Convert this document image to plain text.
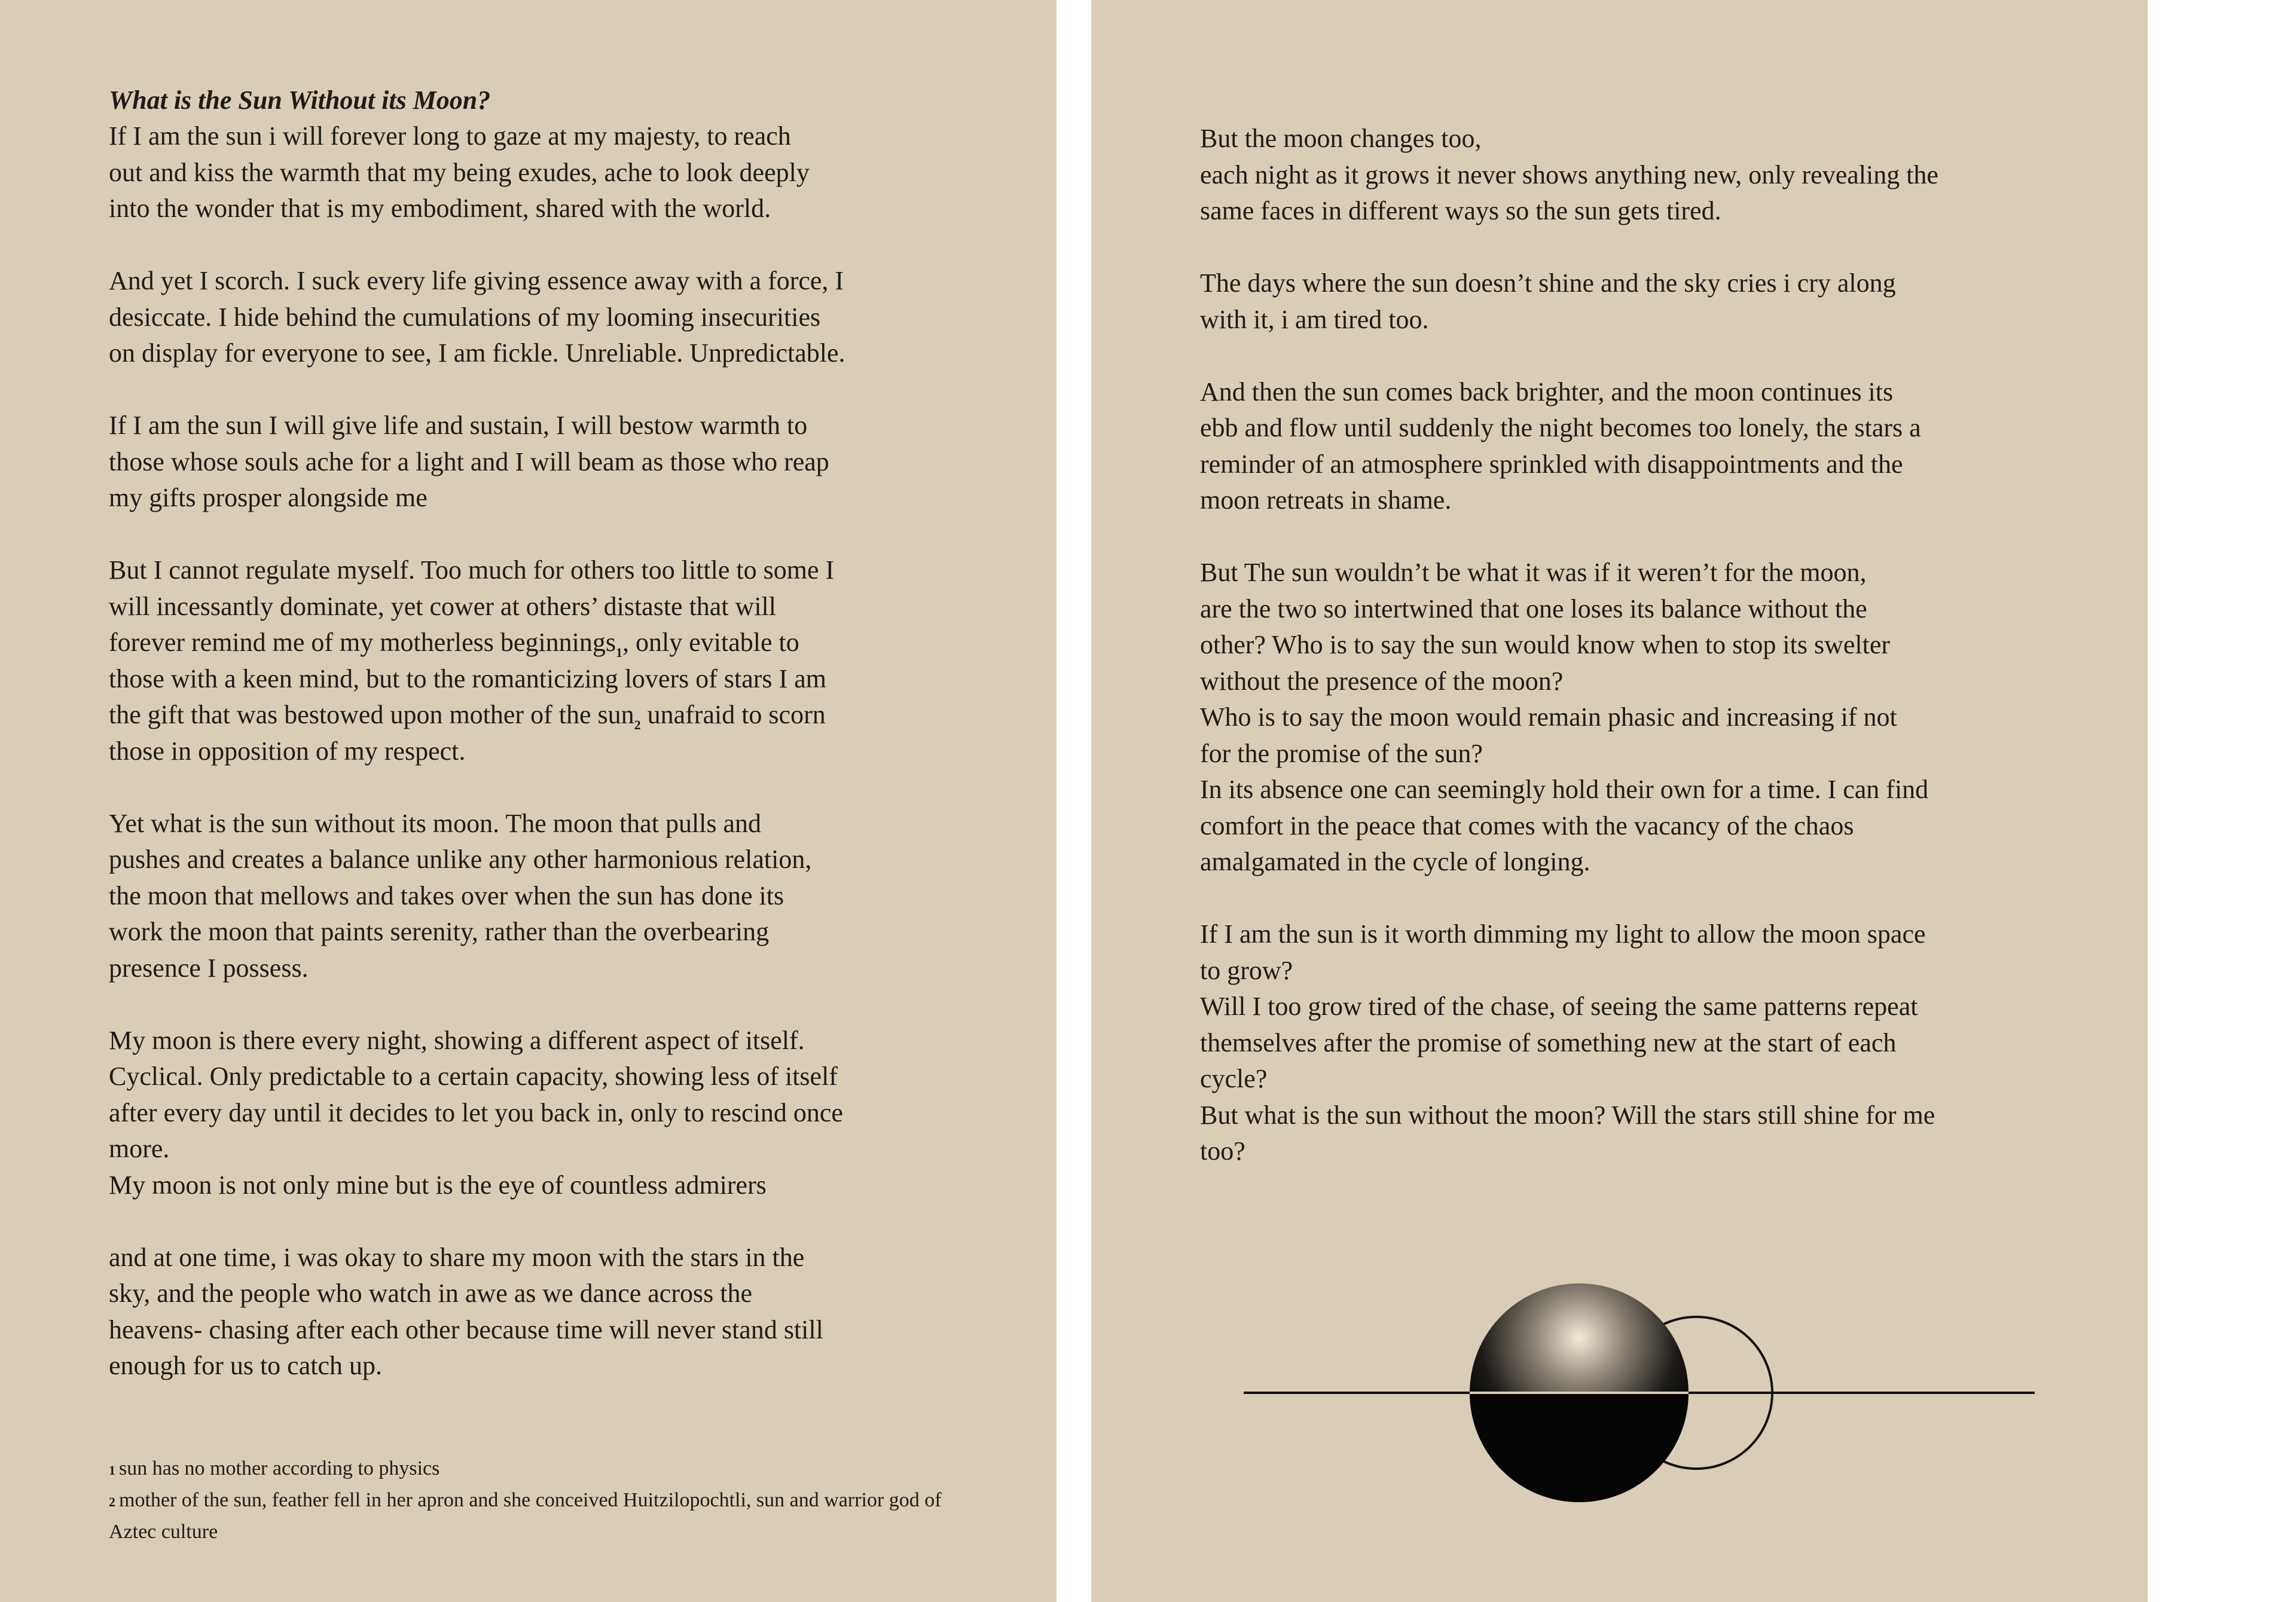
What is the Sun Without its Moon?

If I am the sun i will forever long to gaze at my majesty, to reach
out and kiss the warmth that my being exudes, ache to look deeply
into the wonder that is my embodiment, shared with the world.

And yet I scorch. I suck every life giving essence away with a force, I
desiccate. I hide behind the cumulations of my looming insecurities
on display for everyone to see, I am fickle. Unreliable. Unpredictable.

If I am the sun I will give life and sustain, I will bestow warmth to
those whose souls ache for a light and I will beam as those who reap
my gifts prosper alongside me

But I cannot regulate myself. Too much for others too little to some I
will incessantly dominate, yet cower at others’ distaste that will
forever remind me of my motherless beginnings$_1$, only evitable to
those with a keen mind, but to the romanticizing lovers of stars I am
the gift that was bestowed upon mother of the sun$_2$ unafraid to scorn
those in opposition of my respect.

Yet what is the sun without its moon. The moon that pulls and
pushes and creates a balance unlike any other harmonious relation,
the moon that mellows and takes over when the sun has done its
work the moon that paints serenity, rather than the overbearing
presence I possess.

My moon is there every night, showing a different aspect of itself.
Cyclical. Only predictable to a certain capacity, showing less of itself
after every day until it decides to let you back in, only to rescind once
more.
My moon is not only mine but is the eye of countless admirers

and at one time, i was okay to share my moon with the stars in the
sky, and the people who watch in awe as we dance across the
heavens- chasing after each other because time will never stand still
enough for us to catch up.

1 sun has no mother according to physics

2 mother of the sun, feather fell in her apron and she conceived Huitzilopochtli, sun and warrior god of Aztec culture

But the moon changes too,
each night as it grows it never shows anything new, only revealing the
same faces in different ways so the sun gets tired.

The days where the sun doesn’t shine and the sky cries i cry along
with it, i am tired too.

And then the sun comes back brighter, and the moon continues its
ebb and flow until suddenly the night becomes too lonely, the stars a
reminder of an atmosphere sprinkled with disappointments and the
moon retreats in shame.

But The sun wouldn’t be what it was if it weren’t for the moon,
are the two so intertwined that one loses its balance without the
other? Who is to say the sun would know when to stop its swelter
without the presence of the moon?
Who is to say the moon would remain phasic and increasing if not
for the promise of the sun?
In its absence one can seemingly hold their own for a time. I can find
comfort in the peace that comes with the vacancy of the chaos
amalgamated in the cycle of longing.

If I am the sun is it worth dimming my light to allow the moon space
to grow?
Will I too grow tired of the chase, of seeing the same patterns repeat
themselves after the promise of something new at the start of each
cycle?
But what is the sun without the moon? Will the stars still shine for me
too?
